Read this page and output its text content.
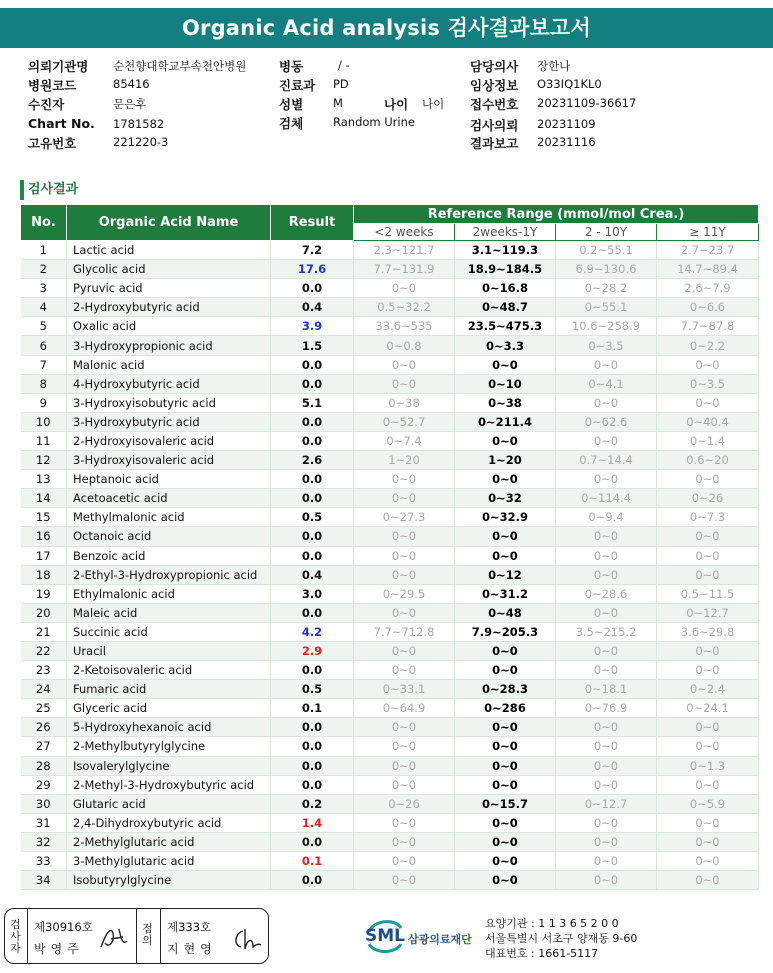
Organic Acid analysis 검사결과보고서
의뢰기관명 순천향대학교부속천안병원
병원코드	85416
수진자	문은후
Chart No. 1781582
고유번호	221220-3
병동	/ -
진료과 PD
성별	M	나이 나이
검체	Random Urine
담당의사 장한나
임상정보 O33IQ1KL0
접수번호 20231109-36617
검사의뢰 20231109
결과보고 20231116
검사결과
No.	Organic Acid Name	Result	Reference Range (mmol/mol Crea.)			
			<2 weeks	2weeks-1Y	2 - 10Y	≥ 11Y
1	Lactic acid	7.2	2.3~121.7	3.1~119.3	0.2~55.1	2.7~23.7
2	Glycolic acid	17.6	7.7~131.9	18.9~184.5	6.9~130.6	14.7~89.4
3	Pyruvic acid	0.0	0~0	0~16.8	0~28.2	2.6~7.9
4	2-Hydroxybutyric acid	0.4	0.5~32.2	0~48.7	0~55.1	0~6.6
5	Oxalic acid	3.9	33.6~535	23.5~475.3	10.6~258.9	7.7~87.8
6	3-Hydroxypropionic acid	1.5	0~0.8	0~3.3	0~3.5	0~2.2
7	Malonic acid	0.0	0~0	0~0	0~0	0~0
8	4-Hydroxybutyric acid	0.0	0~0	0~10	0~4.1	0~3.5
9	3-Hydroxyisobutyric acid	5.1	0~38	0~38	0~0	0~0
10	3-Hydroxybutyric acid	0.0	0~52.7	0~211.4	0~62.6	0~40.4
11	2-Hydroxyisovaleric acid	0.0	0~7.4	0~0	0~0	0~1.4
12	3-Hydroxyisovaleric acid	2.6	1~20	1~20	0.7~14.4	0.6~20
13	Heptanoic acid	0.0	0~0	0~0	0~0	0~0
14	Acetoacetic acid	0.0	0~0	0~32	0~114.4	0~26
15	Methylmalonic acid	0.5	0~27.3	0~32.9	0~9.4	0~7.3
16	Octanoic acid	0.0	0~0	0~0	0~0	0~0
17	Benzoic acid	0.0	0~0	0~0	0~0	0~0
18	2-Ethyl-3-Hydroxypropionic acid	0.4	0~0	0~12	0~0	0~0
19	Ethylmalonic acid	3.0	0~29.5	0~31.2	0~28.6	0.5~11.5
20	Maleic acid	0.0	0~0	0~48	0~0	0~12.7
21	Succinic acid	4.2	7.7~712.8	7.9~205.3	3.5~215.2	3.6~29.8
22	Uracil	2.9	0~0	0~0	0~0	0~0
23	2-Ketoisovaleric acid	0.0	0~0	0~0	0~0	0~0
24	Fumaric acid	0.5	0~33.1	0~28.3	0~18.1	0~2.4
25	Glyceric acid	0.1	0~64.9	0~286	0~76.9	0~24.1
26	5-Hydroxyhexanoic acid	0.0	0~0	0~0	0~0	0~0
27	2-Methylbutyrylglycine	0.0	0~0	0~0	0~0	0~0
28	Isovalerylglycine	0.0	0~0	0~0	0~0	0~1.3
29	2-Methyl-3-Hydroxybutyric acid	0.0	0~0	0~0	0~0	0~0
30	Glutaric acid	0.2	0~26	0~15.7	0~12.7	0~5.9
31	2,4-Dihydroxybutyric acid	1.4	0~0	0~0	0~0	0~0
32	2-Methylglutaric acid	0.0	0~0	0~0	0~0	0~0
33	3-Methylglutaric acid	0.1	0~0	0~0	0~0	0~0
34	Isobutyrylglycine	0.0	0~0	0~0	0~0	0~0
검사자
제30916호
박영주
점의
제333호
지현영
SML 삼광의료재단
요양기관 : 1 1 3 6 5 2 0 0
서울특별시 서초구 양재동 9-60
대표번호 : 1661-5117
